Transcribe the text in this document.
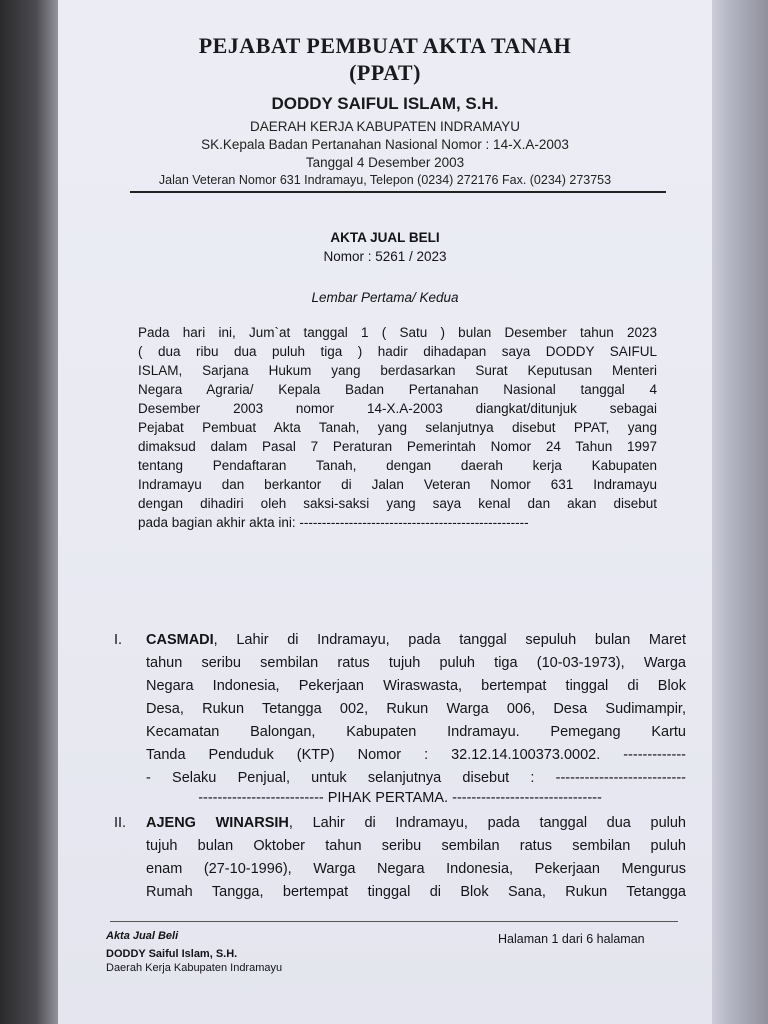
PEJABAT PEMBUAT AKTA TANAH
(PPAT)
DODDY SAIFUL ISLAM, S.H.
DAERAH KERJA KABUPATEN INDRAMAYU
SK.Kepala Badan Pertanahan Nasional Nomor : 14-X.A-2003
Tanggal 4 Desember 2003
Jalan Veteran Nomor 631 Indramayu, Telepon (0234) 272176 Fax. (0234) 273753
AKTA JUAL BELI
Nomor : 5261 / 2023
Lembar Pertama/ Kedua
Pada hari ini, Jum`at tanggal 1 ( Satu ) bulan Desember tahun 2023
( dua ribu dua puluh tiga ) hadir dihadapan saya DODDY SAIFUL
ISLAM, Sarjana Hukum yang berdasarkan Surat Keputusan Menteri
Negara Agraria/ Kepala Badan Pertanahan Nasional tanggal 4
Desember 2003 nomor 14-X.A-2003 diangkat/ditunjuk sebagai
Pejabat Pembuat Akta Tanah, yang selanjutnya disebut PPAT, yang
dimaksud dalam Pasal 7 Peraturan Pemerintah Nomor 24 Tahun 1997
tentang Pendaftaran Tanah, dengan daerah kerja Kabupaten
Indramayu dan berkantor di Jalan Veteran Nomor 631 Indramayu
dengan dihadiri oleh saksi-saksi yang saya kenal dan akan disebut
pada bagian akhir akta ini: ---------------------------------------------------
I. CASMADI, Lahir di Indramayu, pada tanggal sepuluh bulan Maret
tahun seribu sembilan ratus tujuh puluh tiga (10-03-1973), Warga
Negara Indonesia, Pekerjaan Wiraswasta, bertempat tinggal di Blok
Desa, Rukun Tetangga 002, Rukun Warga 006, Desa Sudimampir,
Kecamatan Balongan, Kabupaten Indramayu. Pemegang Kartu
Tanda Penduduk (KTP) Nomor : 32.12.14.100373.0002. -------------
- Selaku Penjual, untuk selanjutnya disebut : ---------------------------
-------------------------- PIHAK PERTAMA. -------------------------------
II. AJENG WINARSIH, Lahir di Indramayu, pada tanggal dua puluh
tujuh bulan Oktober tahun seribu sembilan ratus sembilan puluh
enam (27-10-1996), Warga Negara Indonesia, Pekerjaan Mengurus
Rumah Tangga, bertempat tinggal di Blok Sana, Rukun Tetangga
Akta Jual Beli
DODDY Saiful Islam, S.H.
Daerah Kerja Kabupaten Indramayu
Halaman 1 dari 6 halaman
